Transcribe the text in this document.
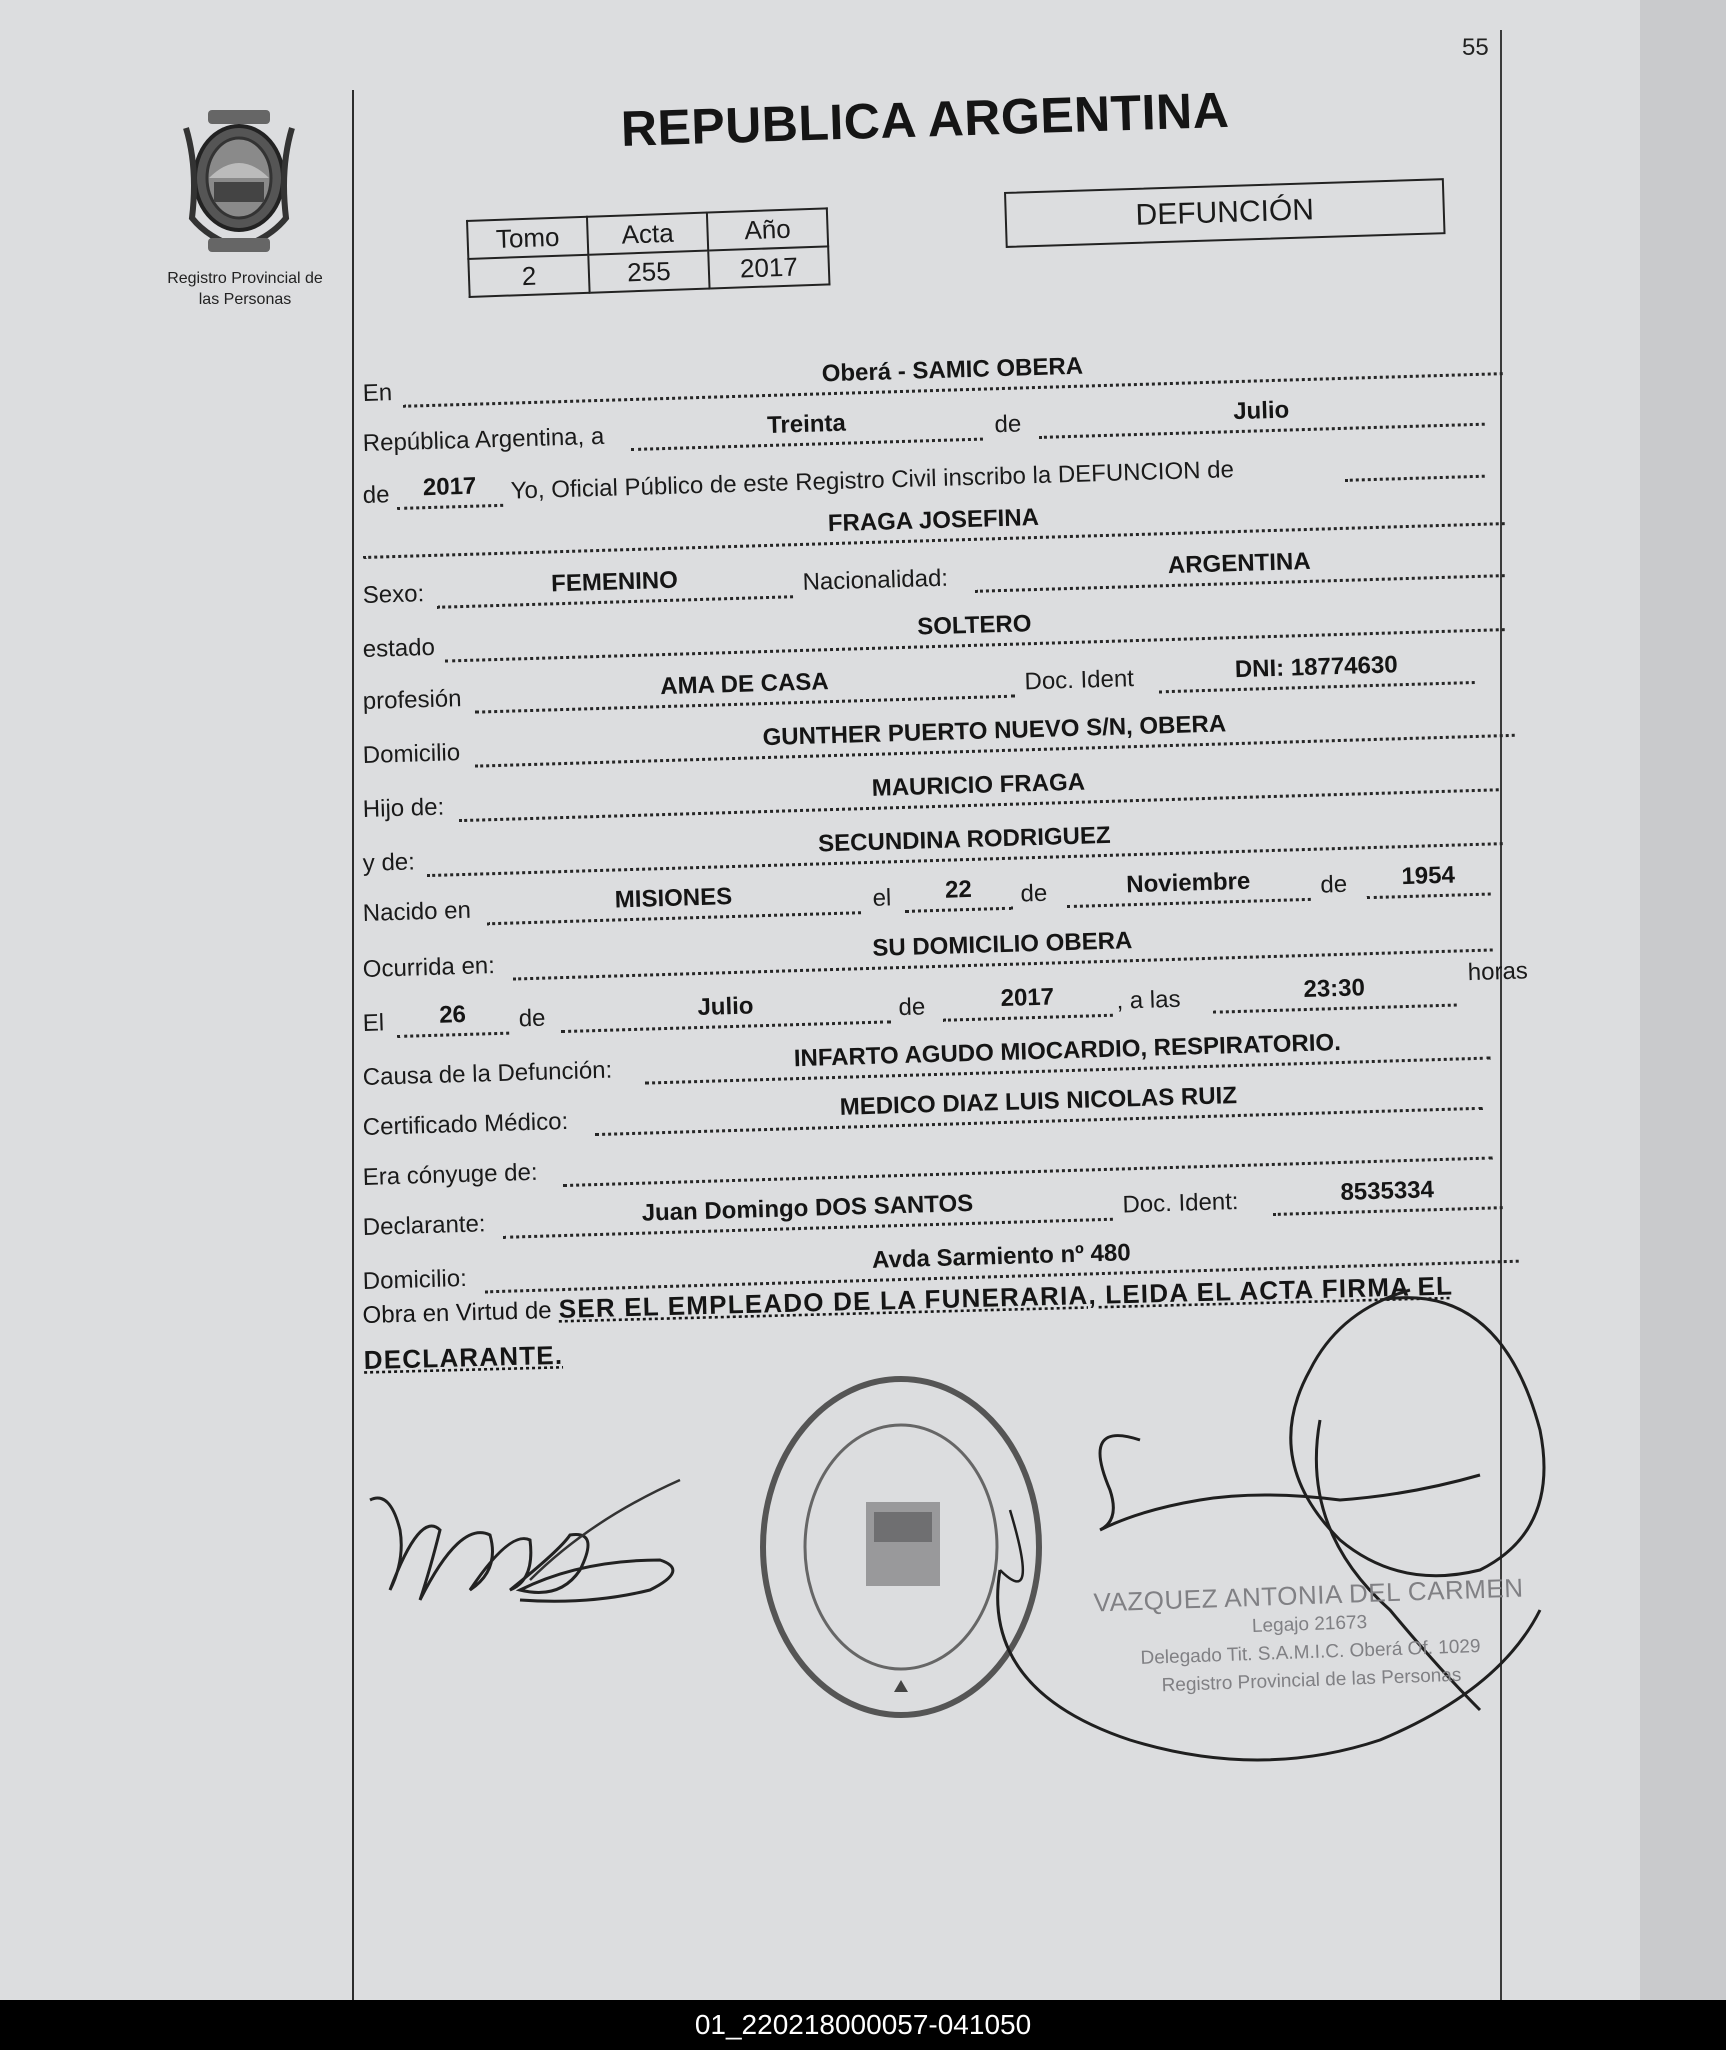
55
Registro Provincial de
las Personas
REPUBLICA ARGENTINA
Tomo	Acta	Año
2	255	2017
DEFUNCIÓN
En
Oberá - SAMIC OBERA
República Argentina, a	Treinta	de	Julio
de	2017	Yo, Oficial Público de este Registro Civil inscribo la DEFUNCION de
FRAGA JOSEFINA
Sexo:	FEMENINO	Nacionalidad:
ARGENTINA
estado
SOLTERO
profesión	AMA DE CASA	Doc. Ident	DNI: 18774630
Domicilio
GUNTHER PUERTO NUEVO S/N, OBERA
Hijo de:
MAURICIO FRAGA
y de:
SECUNDINA RODRIGUEZ
Nacido en	MISIONES	el	22	de	Noviembre	de	1954
Ocurrida en:
SU DOMICILIO OBERA
El	26	de	Julio	de	2017	, a las	23:30
horas
Causa de la Defunción:
INFARTO AGUDO MIOCARDIO, RESPIRATORIO.
Certificado Médico:
MEDICO DIAZ LUIS NICOLAS RUIZ
Era cónyuge de:
Declarante:	Juan Domingo DOS SANTOS	Doc. Ident:	8535334
Domicilio:
Avda Sarmiento nº 480
Obra en Virtud de SER EL EMPLEADO DE LA FUNERARIA, LEIDA EL ACTA FIRMA EL DECLARANTE.
VAZQUEZ ANTONIA DEL CARMEN
Legajo 21673
Delegado Tit. S.A.M.I.C. Oberá Of. 1029
Registro Provincial de las Personas
01_220218000057-041050
